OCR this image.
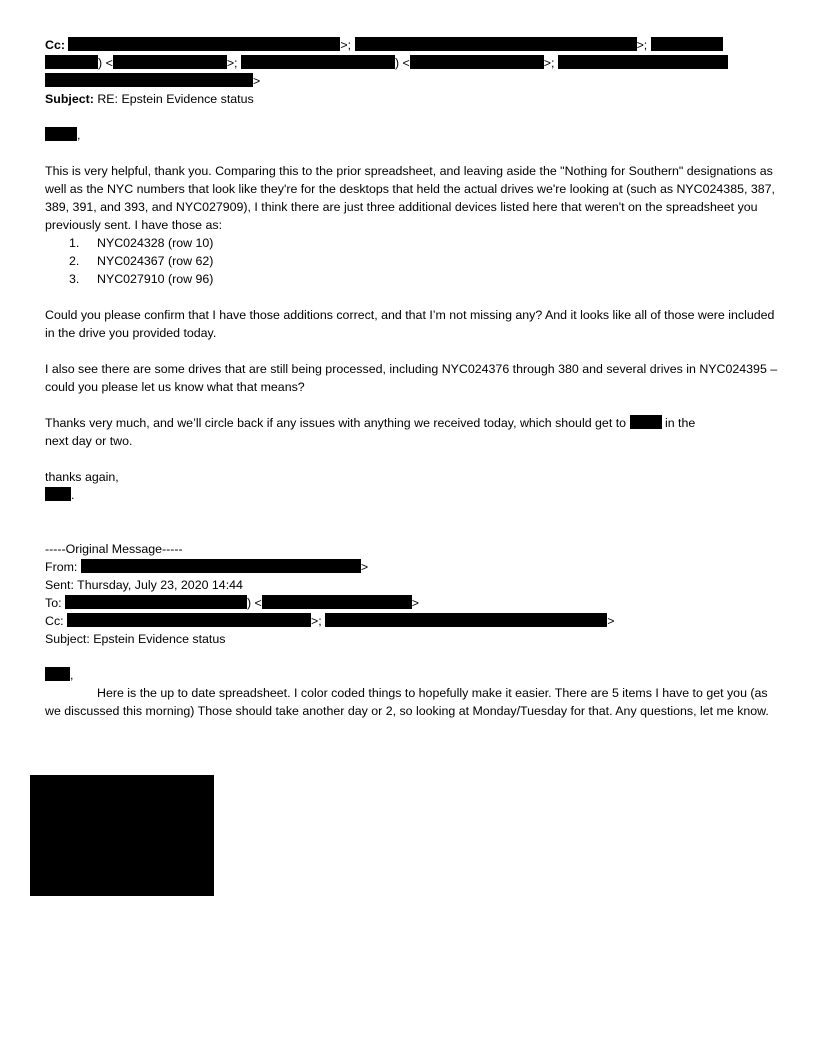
Cc:	>;	>;
) <	>;	) <	>;
>
Subject: RE: Epstein Evidence status
,
This is very helpful, thank you. Comparing this to the prior spreadsheet, and leaving aside the "Nothing for Southern" designations as well as the NYC numbers that look like they're for the desktops that held the actual drives we're looking at (such as NYC024385, 387, 389, 391, and 393, and NYC027909), I think there are just three additional devices listed here that weren't on the spreadsheet you previously sent. I have those as:
1. NYC024328 (row 10)
2. NYC024367 (row 62)
3. NYC027910 (row 96)
Could you please confirm that I have those additions correct, and that I’m not missing any? And it looks like all of those were included in the drive you provided today.
I also see there are some drives that are still being processed, including NYC024376 through 380 and several drives in NYC024395 – could you please let us know what that means?
Thanks very much, and we’ll circle back if any issues with anything we received today, which should get to	in the
next day or two.
thanks again,
.
-----Original Message-----
From:	>
Sent: Thursday, July 23, 2020 14:44
To:	) <	>
Cc:	>;	>
Subject: Epstein Evidence status
,
Here is the up to date spreadsheet. I color coded things to hopefully make it easier. There are 5 items I have to get you (as we discussed this morning) Those should take another day or 2, so looking at Monday/Tuesday for that. Any questions, let me know.
